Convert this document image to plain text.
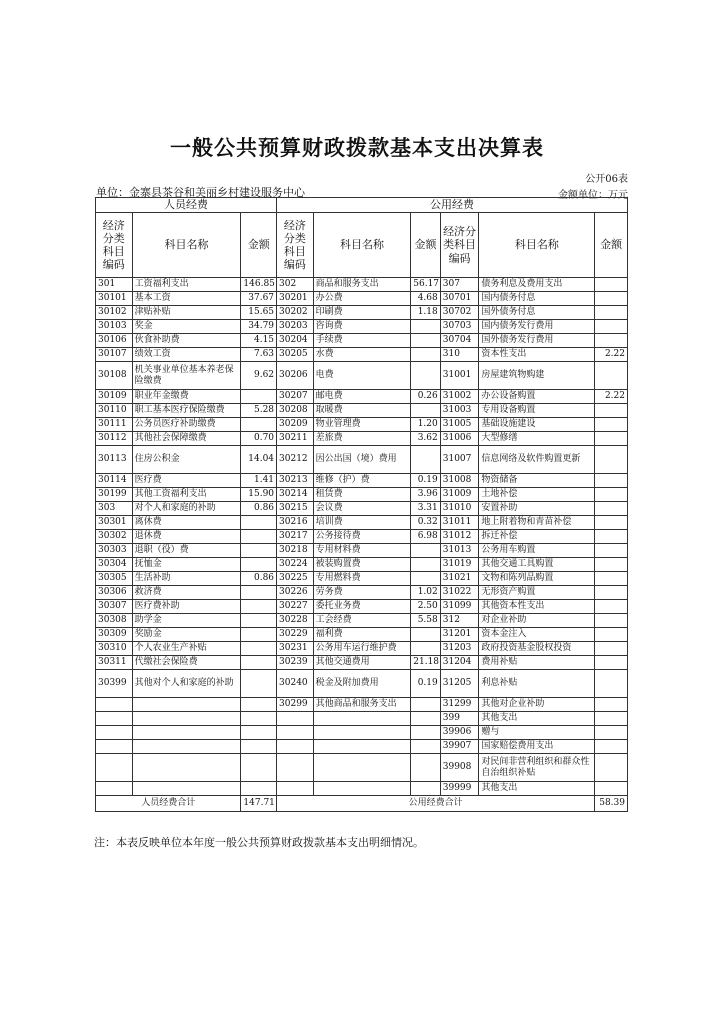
一般公共预算财政拨款基本支出决算表
公开06表
单位：金寨县茶谷和美丽乡村建设服务中心	金额单位：万元
人员经费			公用经费					
经济分类科目编码	科目名称	金额	经济分类科目编码	科目名称	金额	经济分类科目编码	科目名称	金额
301	工资福利支出	146.85	302	商品和服务支出	56.17	307	债务利息及费用支出	
30101	基本工资	37.67	30201	办公费	4.68	30701	国内债务付息	
30102	津贴补贴	15.65	30202	印刷费	1.18	30702	国外债务付息	
30103	奖金	34.79	30203	咨询费		30703	国内债务发行费用	
30106	伙食补助费	4.15	30204	手续费		30704	国外债务发行费用	
30107	绩效工资	7.63	30205	水费		310	资本性支出	2.22
30108	机关事业单位基本养老保险缴费	9.62	30206	电费		31001	房屋建筑物购建	
30109	职业年金缴费		30207	邮电费	0.26	31002	办公设备购置	2.22
30110	职工基本医疗保险缴费	5.28	30208	取暖费		31003	专用设备购置	
30111	公务员医疗补助缴费		30209	物业管理费	1.20	31005	基础设施建设	
30112	其他社会保障缴费	0.70	30211	差旅费	3.62	31006	大型修缮	
30113	住房公积金	14.04	30212	因公出国（境）费用		31007	信息网络及软件购置更新	
30114	医疗费	1.41	30213	维修（护）费	0.19	31008	物资储备	
30199	其他工资福利支出	15.90	30214	租赁费	3.96	31009	土地补偿	
303	对个人和家庭的补助	0.86	30215	会议费	3.31	31010	安置补助	
30301	离休费		30216	培训费	0.32	31011	地上附着物和青苗补偿	
30302	退休费		30217	公务接待费	6.98	31012	拆迁补偿	
30303	退职（役）费		30218	专用材料费		31013	公务用车购置	
30304	抚恤金		30224	被装购置费		31019	其他交通工具购置	
30305	生活补助	0.86	30225	专用燃料费		31021	文物和陈列品购置	
30306	救济费		30226	劳务费	1.02	31022	无形资产购置	
30307	医疗费补助		30227	委托业务费	2.50	31099	其他资本性支出	
30308	助学金		30228	工会经费	5.58	312	对企业补助	
30309	奖励金		30229	福利费		31201	资本金注入	
30310	个人农业生产补贴		30231	公务用车运行维护费		31203	政府投资基金股权投资	
30311	代缴社会保险费		30239	其他交通费用	21.18	31204	费用补贴	
30399	其他对个人和家庭的补助		30240	税金及附加费用	0.19	31205	利息补贴	
			30299	其他商品和服务支出		31299	其他对企业补助	
						399	其他支出	
						39906	赠与	
						39907	国家赔偿费用支出	
						39908	对民间非营利组织和群众性自治组织补贴	
						39999	其他支出	
人员经费合计		147.71	公用经费合计					58.39
注：本表反映单位本年度一般公共预算财政拨款基本支出明细情况。
